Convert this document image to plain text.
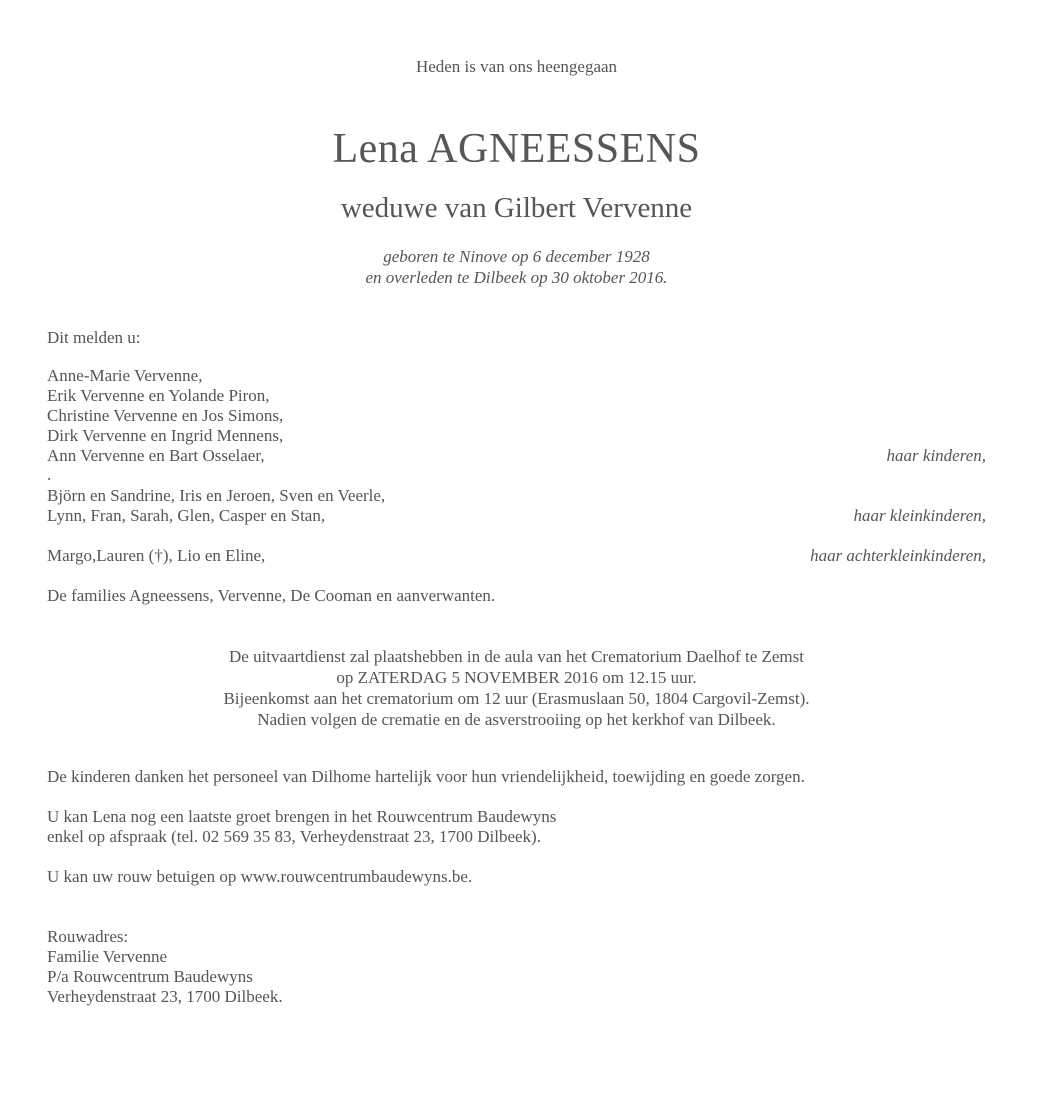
Heden is van ons heengegaan

Lena AGNEESSENS
weduwe van Gilbert Vervenne
geboren te Ninove op 6 december 1928
en overleden te Dilbeek op 30 oktober 2016.

Dit melden u:

Anne-Marie Vervenne,
Erik Vervenne en Yolande Piron,
Christine Vervenne en Jos Simons,
Dirk Vervenne en Ingrid Mennens,
Ann Vervenne en Bart Osselaer,	haar kinderen,

.

Björn en Sandrine, Iris en Jeroen, Sven en Veerle,
Lynn, Fran, Sarah, Glen, Casper en Stan,	haar kleinkinderen,
Margo,Lauren (†), Lio en Eline,	haar achterkleinkinderen,

De families Agneessens, Vervenne, De Cooman en aanverwanten.

De uitvaartdienst zal plaatshebben in de aula van het Crematorium Daelhof te Zemst
op ZATERDAG 5 NOVEMBER 2016 om 12.15 uur.
Bijeenkomst aan het crematorium om 12 uur (Erasmuslaan 50, 1804 Cargovil-Zemst).
Nadien volgen de crematie en de asverstrooiing op het kerkhof van Dilbeek.

De kinderen danken het personeel van Dilhome hartelijk voor hun vriendelijkheid, toewijding en goede zorgen.

U kan Lena nog een laatste groet brengen in het Rouwcentrum Baudewyns
enkel op afspraak (tel. 02 569 35 83, Verheydenstraat 23, 1700 Dilbeek).

U kan uw rouw betuigen op www.rouwcentrumbaudewyns.be.

Rouwadres:
Familie Vervenne
P/a Rouwcentrum Baudewyns
Verheydenstraat 23, 1700 Dilbeek.
